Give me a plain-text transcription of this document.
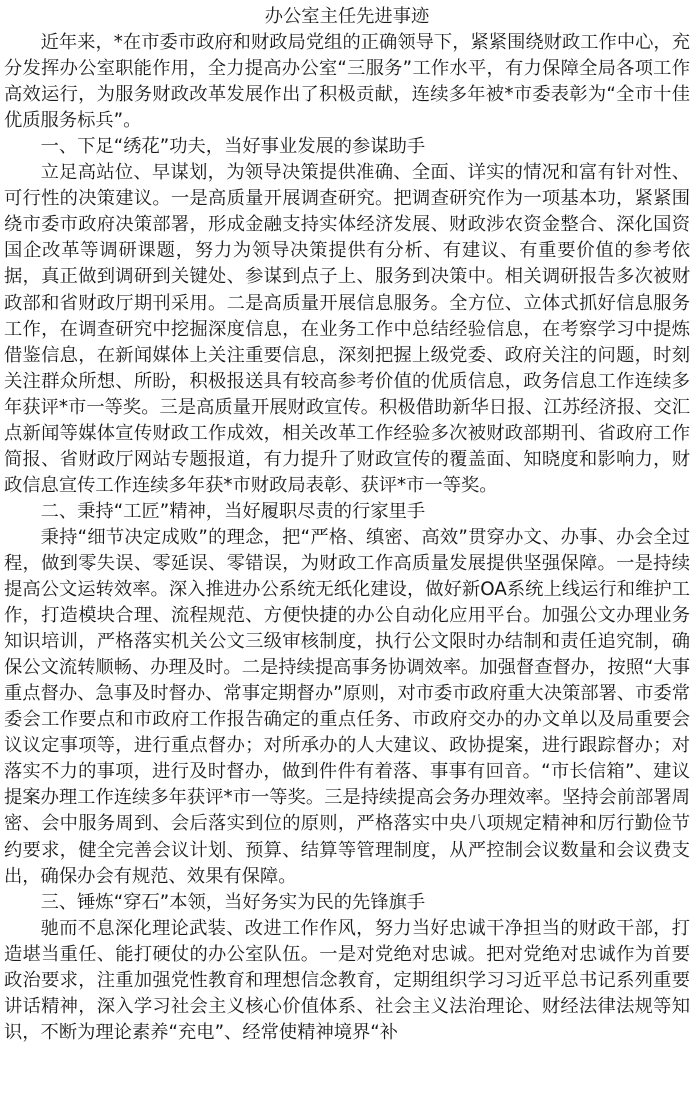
办公室主任先进事迹

近年来，*在市委市政府和财政局党组的正确领导下，紧紧围绕财政工作中心，充分发挥办公室职能作用，全力提高办公室“三服务”工作水平，有力保障全局各项工作高效运行，为服务财政改革发展作出了积极贡献，连续多年被*市委表彰为“全市十佳优质服务标兵”。

一、下足“绣花”功夫，当好事业发展的参谋助手

立足高站位、早谋划，为领导决策提供准确、全面、详实的情况和富有针对性、可行性的决策建议。一是高质量开展调查研究。把调查研究作为一项基本功，紧紧围绕市委市政府决策部署，形成金融支持实体经济发展、财政涉农资金整合、深化国资国企改革等调研课题，努力为领导决策提供有分析、有建议、有重要价值的参考依据，真正做到调研到关键处、参谋到点子上、服务到决策中。相关调研报告多次被财政部和省财政厅期刊采用。二是高质量开展信息服务。全方位、立体式抓好信息服务工作，在调查研究中挖掘深度信息，在业务工作中总结经验信息，在考察学习中提炼借鉴信息，在新闻媒体上关注重要信息，深刻把握上级党委、政府关注的问题，时刻关注群众所想、所盼，积极报送具有较高参考价值的优质信息，政务信息工作连续多年获评*市一等奖。三是高质量开展财政宣传。积极借助新华日报、江苏经济报、交汇点新闻等媒体宣传财政工作成效，相关改革工作经验多次被财政部期刊、省政府工作简报、省财政厅网站专题报道，有力提升了财政宣传的覆盖面、知晓度和影响力，财政信息宣传工作连续多年获*市财政局表彰、获评*市一等奖。

二、秉持“工匠”精神，当好履职尽责的行家里手

秉持“细节决定成败”的理念，把“严格、缜密、高效”贯穿办文、办事、办会全过程，做到零失误、零延误、零错误，为财政工作高质量发展提供坚强保障。一是持续提高公文运转效率。深入推进办公系统无纸化建设，做好新OA系统上线运行和维护工作，打造模块合理、流程规范、方便快捷的办公自动化应用平台。加强公文办理业务知识培训，严格落实机关公文三级审核制度，执行公文限时办结制和责任追究制，确保公文流转顺畅、办理及时。二是持续提高事务协调效率。加强督查督办，按照“大事重点督办、急事及时督办、常事定期督办”原则，对市委市政府重大决策部署、市委常委会工作要点和市政府工作报告确定的重点任务、市政府交办的办文单以及局重要会议议定事项等，进行重点督办；对所承办的人大建议、政协提案，进行跟踪督办；对落实不力的事项，进行及时督办，做到件件有着落、事事有回音。“市长信箱”、建议提案办理工作连续多年获评*市一等奖。三是持续提高会务办理效率。坚持会前部署周密、会中服务周到、会后落实到位的原则，严格落实中央八项规定精神和厉行勤俭节约要求，健全完善会议计划、预算、结算等管理制度，从严控制会议数量和会议费支出，确保办会有规范、效果有保障。

三、锤炼“穿石”本领，当好务实为民的先锋旗手

驰而不息深化理论武装、改进工作作风，努力当好忠诚干净担当的财政干部，打造堪当重任、能打硬仗的办公室队伍。一是对党绝对忠诚。把对党绝对忠诚作为首要政治要求，注重加强党性教育和理想信念教育，定期组织学习习近平总书记系列重要讲话精神，深入学习社会主义核心价值体系、社会主义法治理论、财经法律法规等知识，不断为理论素养“充电”、经常使精神境界“补
